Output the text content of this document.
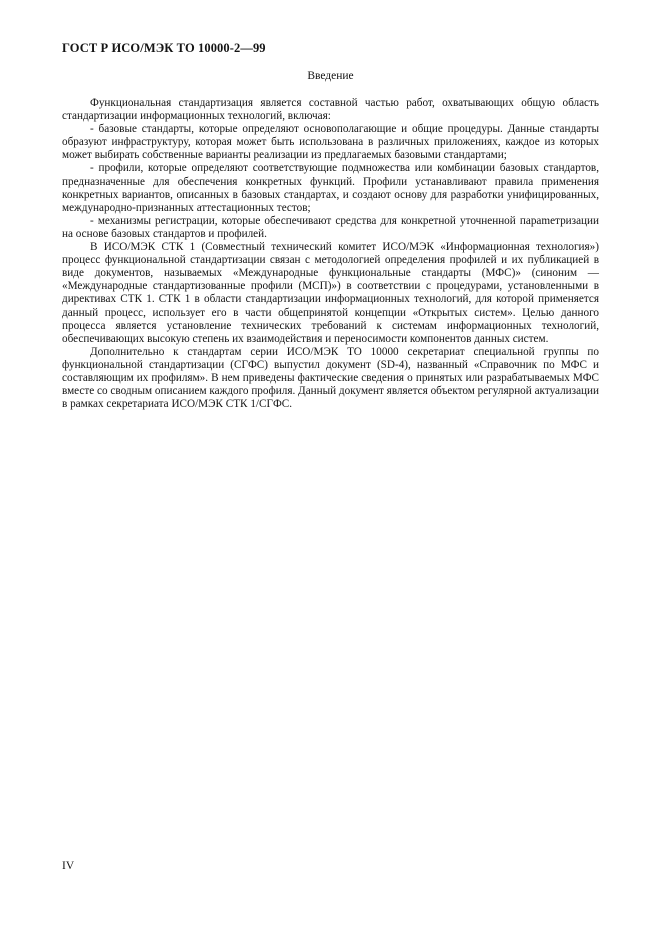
ГОСТ Р ИСО/МЭК ТО 10000-2—99
Введение

Функциональная стандартизация является составной частью работ, охватывающих общую область стандартизации информационных технологий, включая:

- базовые стандарты, которые определяют основополагающие и общие процедуры. Данные стандарты образуют инфраструктуру, которая может быть использована в различных приложениях, каждое из которых может выбирать собственные варианты реализации из предлагаемых базовыми стандартами;

- профили, которые определяют соответствующие подмножества или комбинации базовых стандартов, предназначенные для обеспечения конкретных функций. Профили устанавливают правила применения конкретных вариантов, описанных в базовых стандартах, и создают основу для разработки унифицированных, международно-признанных аттестационных тестов;

- механизмы регистрации, которые обеспечивают средства для конкретной уточненной параmетризации на основе базовых стандартов и профилей.

В ИСО/МЭК СТК 1 (Совместный технический комитет ИСО/МЭК «Информационная технология») процесс функциональной стандартизации связан с методологией определения профилей и их публикацией в виде документов, называемых «Международные функциональные стандарты (МФС)» (синоним — «Международные стандартизованные профили (МСП)») в соответствии с процедурами, установленными в директивах СТК 1. СТК 1 в области стандартизации информационных технологий, для которой применяется данный процесс, использует его в части общепринятой концепции «Открытых систем». Целью данного процесса является установление технических требований к системам информационных технологий, обеспечивающих высокую степень их взаимодействия и переносимости компонентов данных систем.

Дополнительно к стандартам серии ИСО/МЭК ТО 10000 секретариат специальной группы по функциональной стандартизации (СГФС) выпустил документ (SD-4), названный «Справочник по МФС и составляющим их профилям». В нем приведены фактические сведения о принятых или разрабатываемых МФС вместе со сводным описанием каждого профиля. Данный документ является объектом регулярной актуализации в рамках секретариата ИСО/МЭК СТК 1/СГФС.

IV
